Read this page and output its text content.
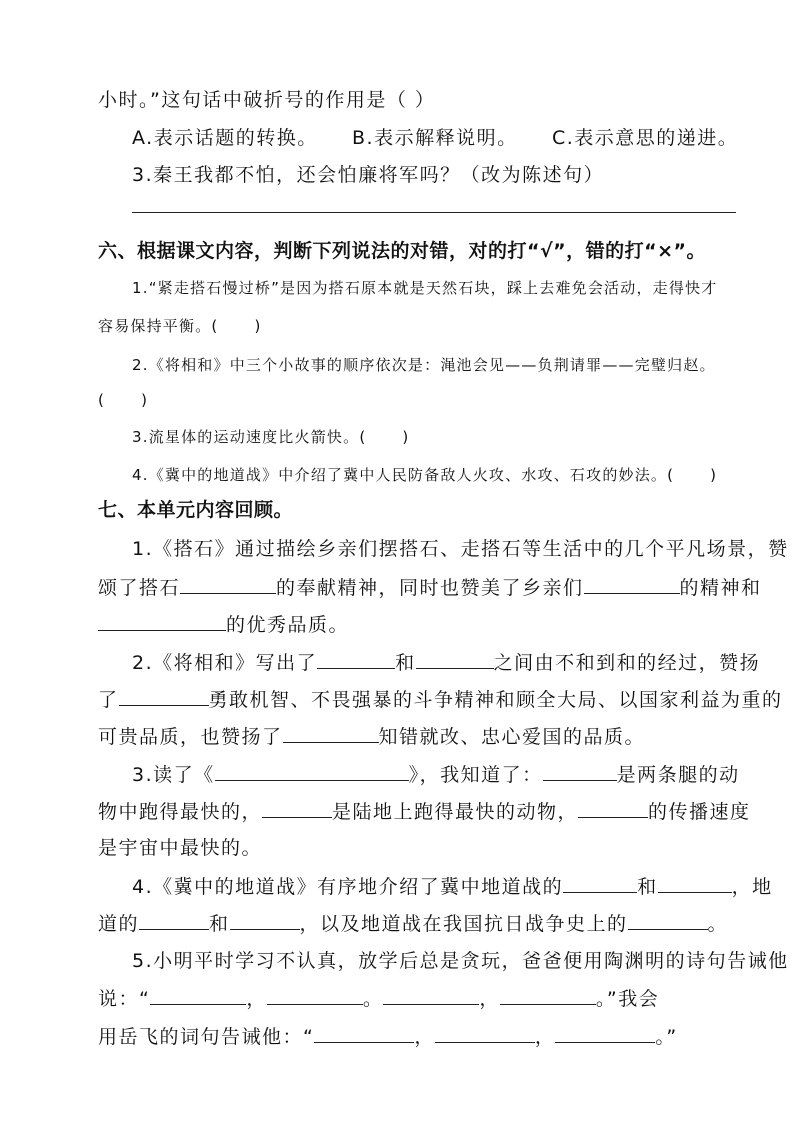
小时。”这句话中破折号的作用是（ ）
A.表示话题的转换。 B.表示解释说明。 C.表示意思的递进。
3.秦王我都不怕，还会怕廉将军吗？（改为陈述句）
六、根据课文内容，判断下列说法的对错，对的打“√”，错的打“×”。
1.“紧走搭石慢过桥”是因为搭石原本就是天然石块，踩上去难免会活动，走得快才
容易保持平衡。( )
2.《将相和》中三个小故事的顺序依次是：渑池会见——负荆请罪——完璧归赵。
( )
3.流星体的运动速度比火箭快。( )
4.《冀中的地道战》中介绍了冀中人民防备敌人火攻、水攻、石攻的妙法。( )
七、本单元内容回顾。
1.《搭石》通过描绘乡亲们摆搭石、走搭石等生活中的几个平凡场景，赞
颂了搭石	的奉献精神，同时也赞美了乡亲们	的精神和
的优秀品质。
2.《将相和》写出了	和	之间由不和到和的经过，赞扬
了	勇敢机智、不畏强暴的斗争精神和顾全大局、以国家利益为重的
可贵品质，也赞扬了	知错就改、忠心爱国的品质。
3.读了《	》，我知道了：	是两条腿的动
物中跑得最快的，	是陆地上跑得最快的动物，	的传播速度
是宇宙中最快的。
4.《冀中的地道战》有序地介绍了冀中地道战的	和	，地
道的	和	，以及地道战在我国抗日战争史上的	。
5.小明平时学习不认真，放学后总是贪玩，爸爸便用陶渊明的诗句告诫他
说：“	，	。	，	。”我会
用岳飞的词句告诫他：“	，	，	。”
